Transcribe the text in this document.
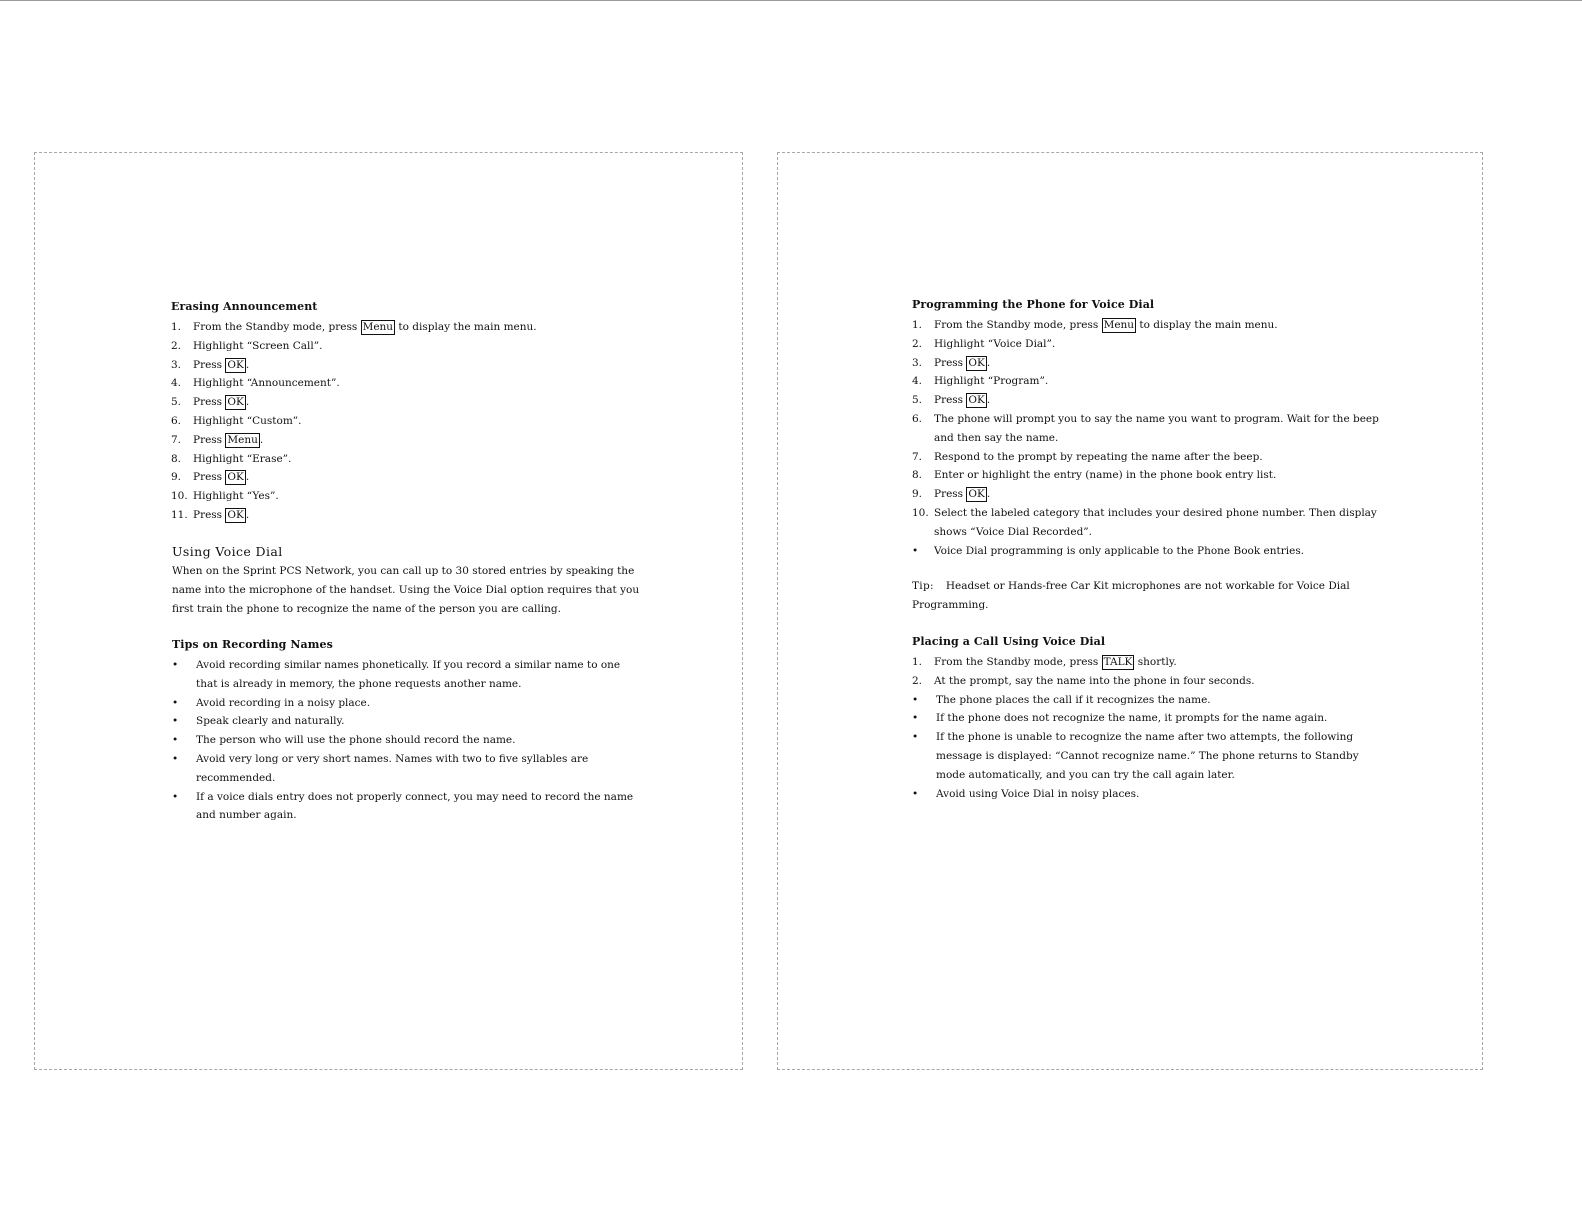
Erasing Announcement
1.	From the Standby mode, press Menu to display the main menu.
2.	Highlight “Screen Call”.
3.	Press OK .
4.	Highlight “Announcement”.
5.	Press OK .
6.	Highlight “Custom”.
7.	Press Menu .
8.	Highlight “Erase”.
9.	Press OK .
10. Highlight “Yes”.
11. Press OK .
Using Voice Dial
When on the Sprint PCS Network, you can call up to 30 stored entries by speaking the
name into the microphone of the handset. Using the Voice Dial option requires that you
first train the phone to recognize the name of the person you are calling.
Tips on Recording Names
•	Avoid recording similar names phonetically. If you record a similar name to one
that is already in memory, the phone requests another name.
•	Avoid recording in a noisy place.
•	Speak clearly and naturally.
•	The person who will use the phone should record the name.
•	Avoid very long or very short names. Names with two to five syllables are
recommended.
•	If a voice dials entry does not properly connect, you may need to record the name
and number again.
Programming the Phone for Voice Dial
1.	From the Standby mode, press Menu to display the main menu.
2.	Highlight “Voice Dial”.
3.	Press OK .
4.	Highlight “Program”.
5.	Press OK .
6.	The phone will prompt you to say the name you want to program. Wait for the beep
and then say the name.
7.	Respond to the prompt by repeating the name after the beep.
8.	Enter or highlight the entry (name) in the phone book entry list.
9.	Press OK .
10. Select the labeled category that includes your desired phone number. Then display
shows “Voice Dial Recorded”.
•	Voice Dial programming is only applicable to the Phone Book entries.
Tip: Headset or Hands-free Car Kit microphones are not workable for Voice Dial
Programming.
Placing a Call Using Voice Dial
1.	From the Standby mode, press TALK shortly.
2.	At the prompt, say the name into the phone in four seconds.
•	The phone places the call if it recognizes the name.
•	If the phone does not recognize the name, it prompts for the name again.
•	If the phone is unable to recognize the name after two attempts, the following
message is displayed: “Cannot recognize name.” The phone returns to Standby
mode automatically, and you can try the call again later.
•	Avoid using Voice Dial in noisy places.
